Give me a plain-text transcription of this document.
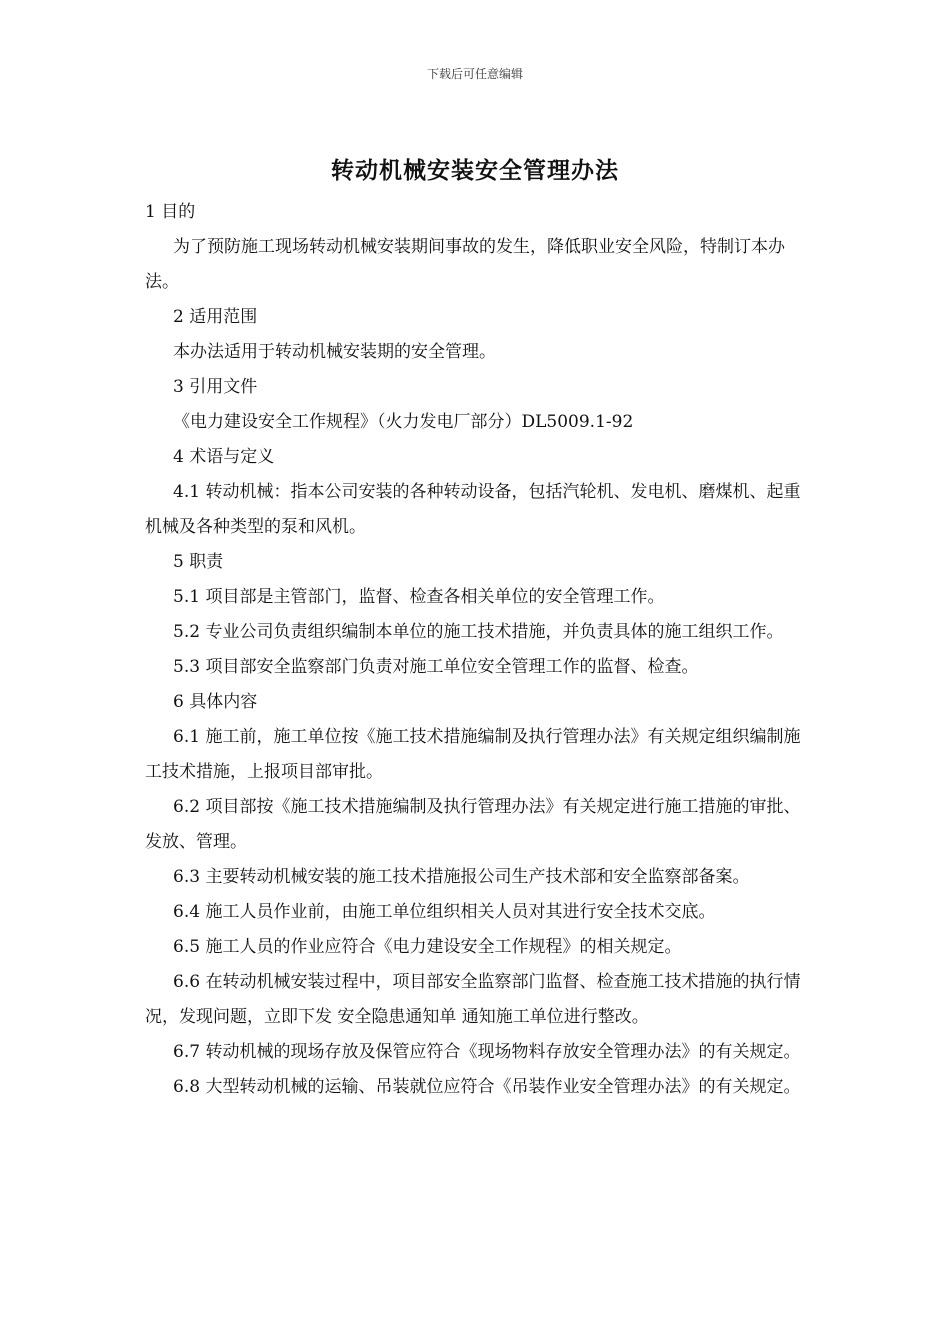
下载后可任意编辑
转动机械安装安全管理办法

1 目的

为了预防施工现场转动机械安装期间事故的发生，降低职业安全风险，特制订本办法。

2 适用范围

本办法适用于转动机械安装期的安全管理。

3 引用文件

《电力建设安全工作规程》（火力发电厂部分）DL5009.1-92

4 术语与定义

4.1 转动机械：指本公司安装的各种转动设备，包括汽轮机、发电机、磨煤机、起重机械及各种类型的泵和风机。

5 职责

5.1 项目部是主管部门，监督、检查各相关单位的安全管理工作。

5.2 专业公司负责组织编制本单位的施工技术措施，并负责具体的施工组织工作。

5.3 项目部安全监察部门负责对施工单位安全管理工作的监督、检查。

6 具体内容

6.1 施工前，施工单位按《施工技术措施编制及执行管理办法》有关规定组织编制施工技术措施，上报项目部审批。

6.2 项目部按《施工技术措施编制及执行管理办法》有关规定进行施工措施的审批、发放、管理。

6.3 主要转动机械安装的施工技术措施报公司生产技术部和安全监察部备案。

6.4 施工人员作业前，由施工单位组织相关人员对其进行安全技术交底。

6.5 施工人员的作业应符合《电力建设安全工作规程》的相关规定。

6.6 在转动机械安装过程中，项目部安全监察部门监督、检查施工技术措施的执行情况，发现问题，立即下发 安全隐患通知单 通知施工单位进行整改。

6.7 转动机械的现场存放及保管应符合《现场物料存放安全管理办法》的有关规定。

6.8 大型转动机械的运输、吊装就位应符合《吊装作业安全管理办法》的有关规定。
